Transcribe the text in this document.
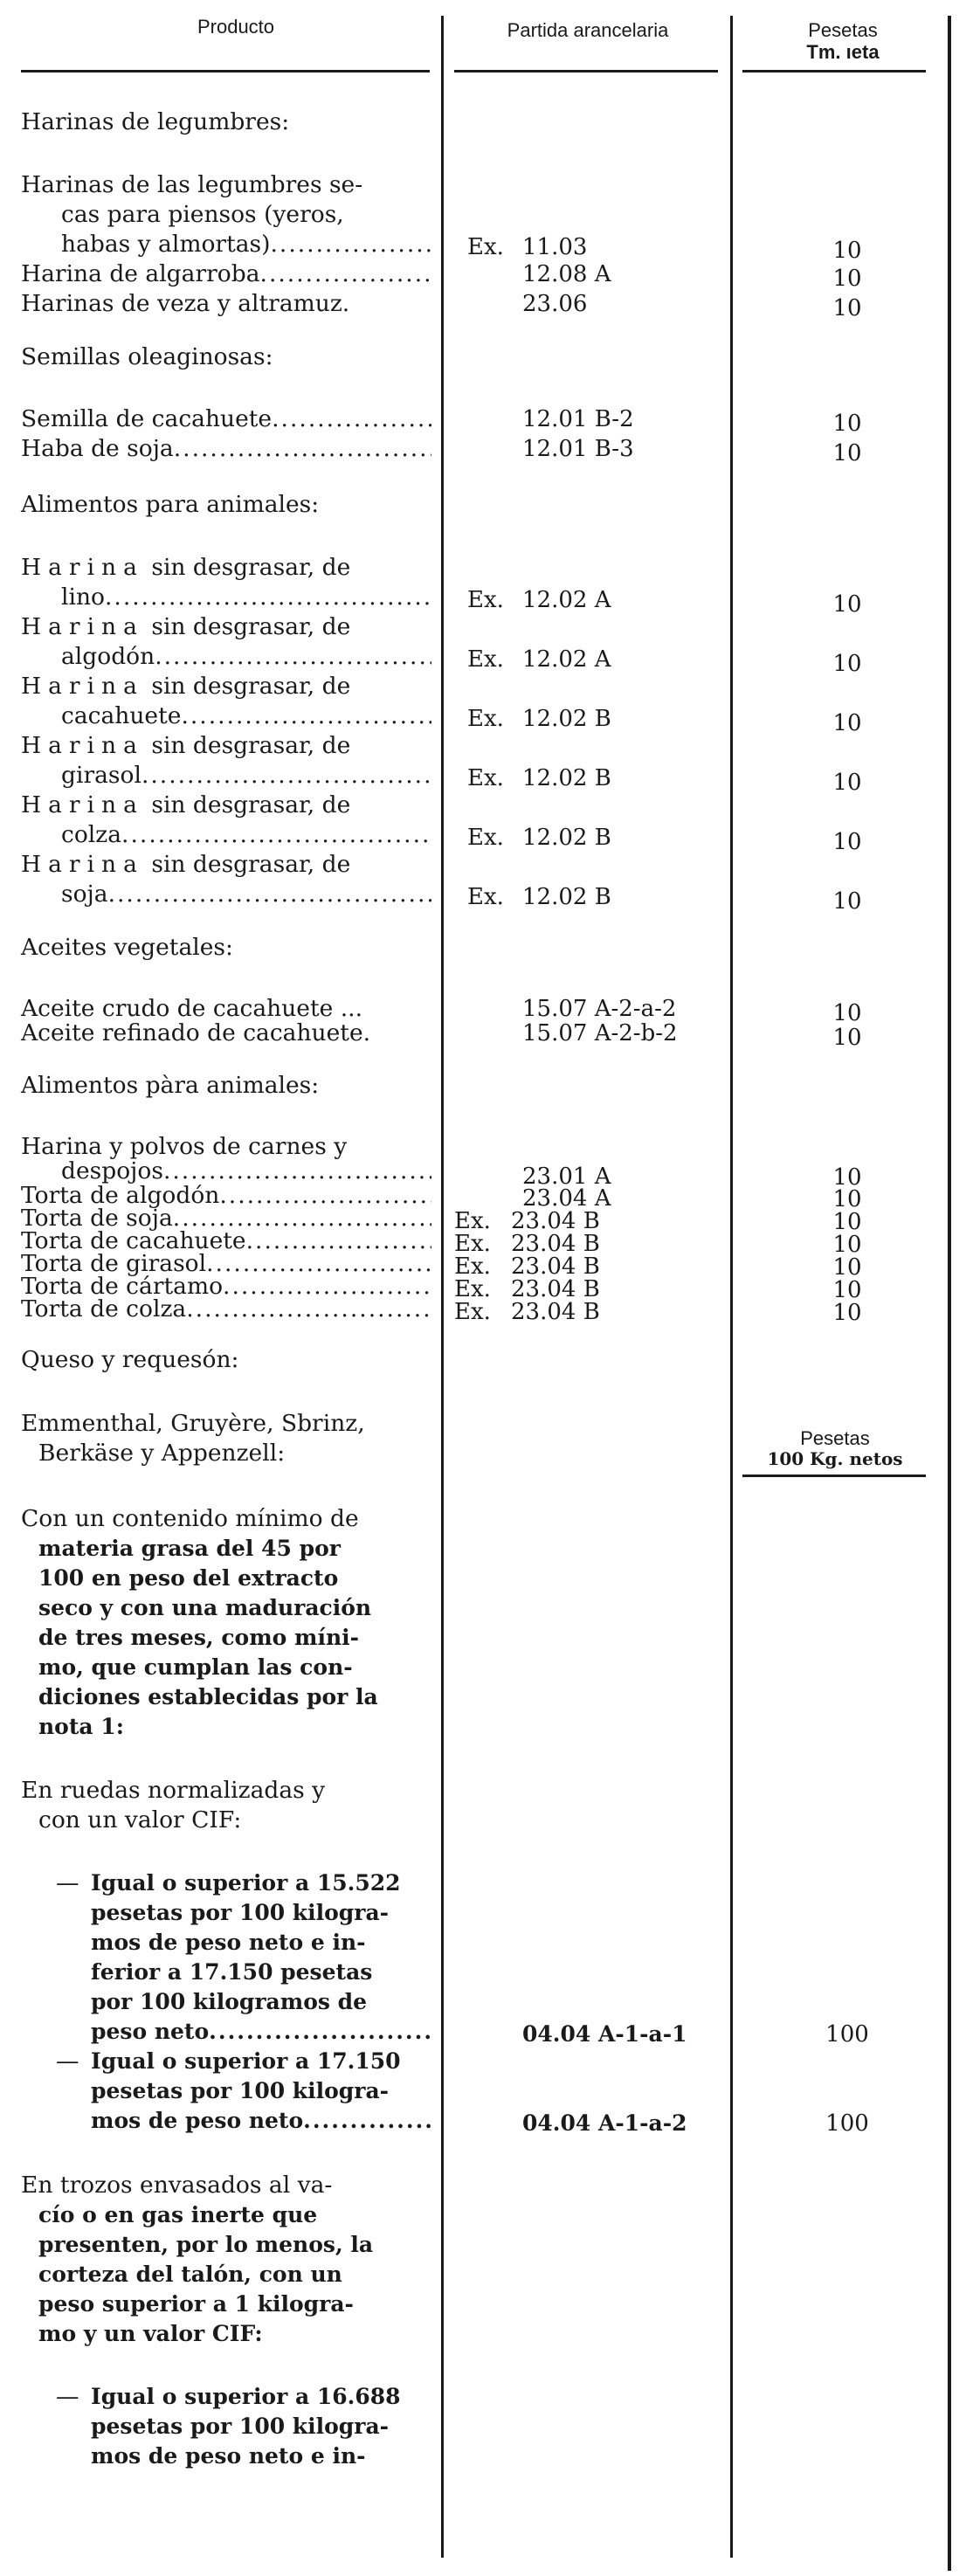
Producto	Partida arancelaria	Pesetas
Tm. ıeta
Harinas de legumbres:
Harinas de las legumbres se-
cas para piensos (yeros,
habas y almortas) .....	Ex. 11.03	10
Harina de algarroba .....	12.08 A	10
Harinas de veza y altramuz.	23.06	10
Semillas oleaginosas:
Semilla de cacahuete .....	12.01 B-2	10
Haba de soja .....	12.01 B-3	10
Alimentos para animales:
Harina sin desgrasar, de
lino .....	Ex. 12.02 A	10
Harina sin desgrasar, de
algodón .....	Ex. 12.02 A	10
Harina sin desgrasar, de
cacahuete .....	Ex. 12.02 B	10
Harina sin desgrasar, de
girasol .....	Ex. 12.02 B	10
Harina sin desgrasar, de
colza .....	Ex. 12.02 B	10
Harina sin desgrasar, de
soja .....	Ex. 12.02 B	10
Aceites vegetales:
Aceite crudo de cacahuete ...	15.07 A-2-a-2	10
Aceite refinado de cacahuete.	15.07 A-2-b-2	10
Alimentos pàra animales:
Harina y polvos de carnes y
despojos .....	23.01 A	10
Torta de algodón .....	23.04 A	10
Torta de soja .....	Ex. 23.04 B	10
Torta de cacahuete .....	Ex. 23.04 B	10
Torta de girasol .....	Ex. 23.04 B	10
Torta de cártamo .....	Ex. 23.04 B	10
Torta de colza .....	Ex. 23.04 B	10
Queso y requesón:
Emmenthal, Gruyère, Sbrinz,
Berkäse y Appenzell:
Pesetas
100 Kg. netos
Con un contenido mínimo de
materia grasa del 45 por
100 en peso del extracto
seco y con una maduración
de tres meses, como míni-
mo, que cumplan las con-
diciones establecidas por la
nota 1:
En ruedas normalizadas y
con un valor CIF:
— Igual o superior a 15.522
pesetas por 100 kilogra-
mos de peso neto e in-
ferior a 17.150 pesetas
por 100 kilogramos de
peso neto .....	04.04 A-1-a-1	100
— Igual o superior a 17.150
pesetas por 100 kilogra-
mos de peso neto .....	04.04 A-1-a-2	100
En trozos envasados al va-
cío o en gas inerte que
presenten, por lo menos, la
corteza del talón, con un
peso superior a 1 kilogra-
mo y un valor CIF:
— Igual o superior a 16.688
pesetas por 100 kilogra-
mos de peso neto e in-
